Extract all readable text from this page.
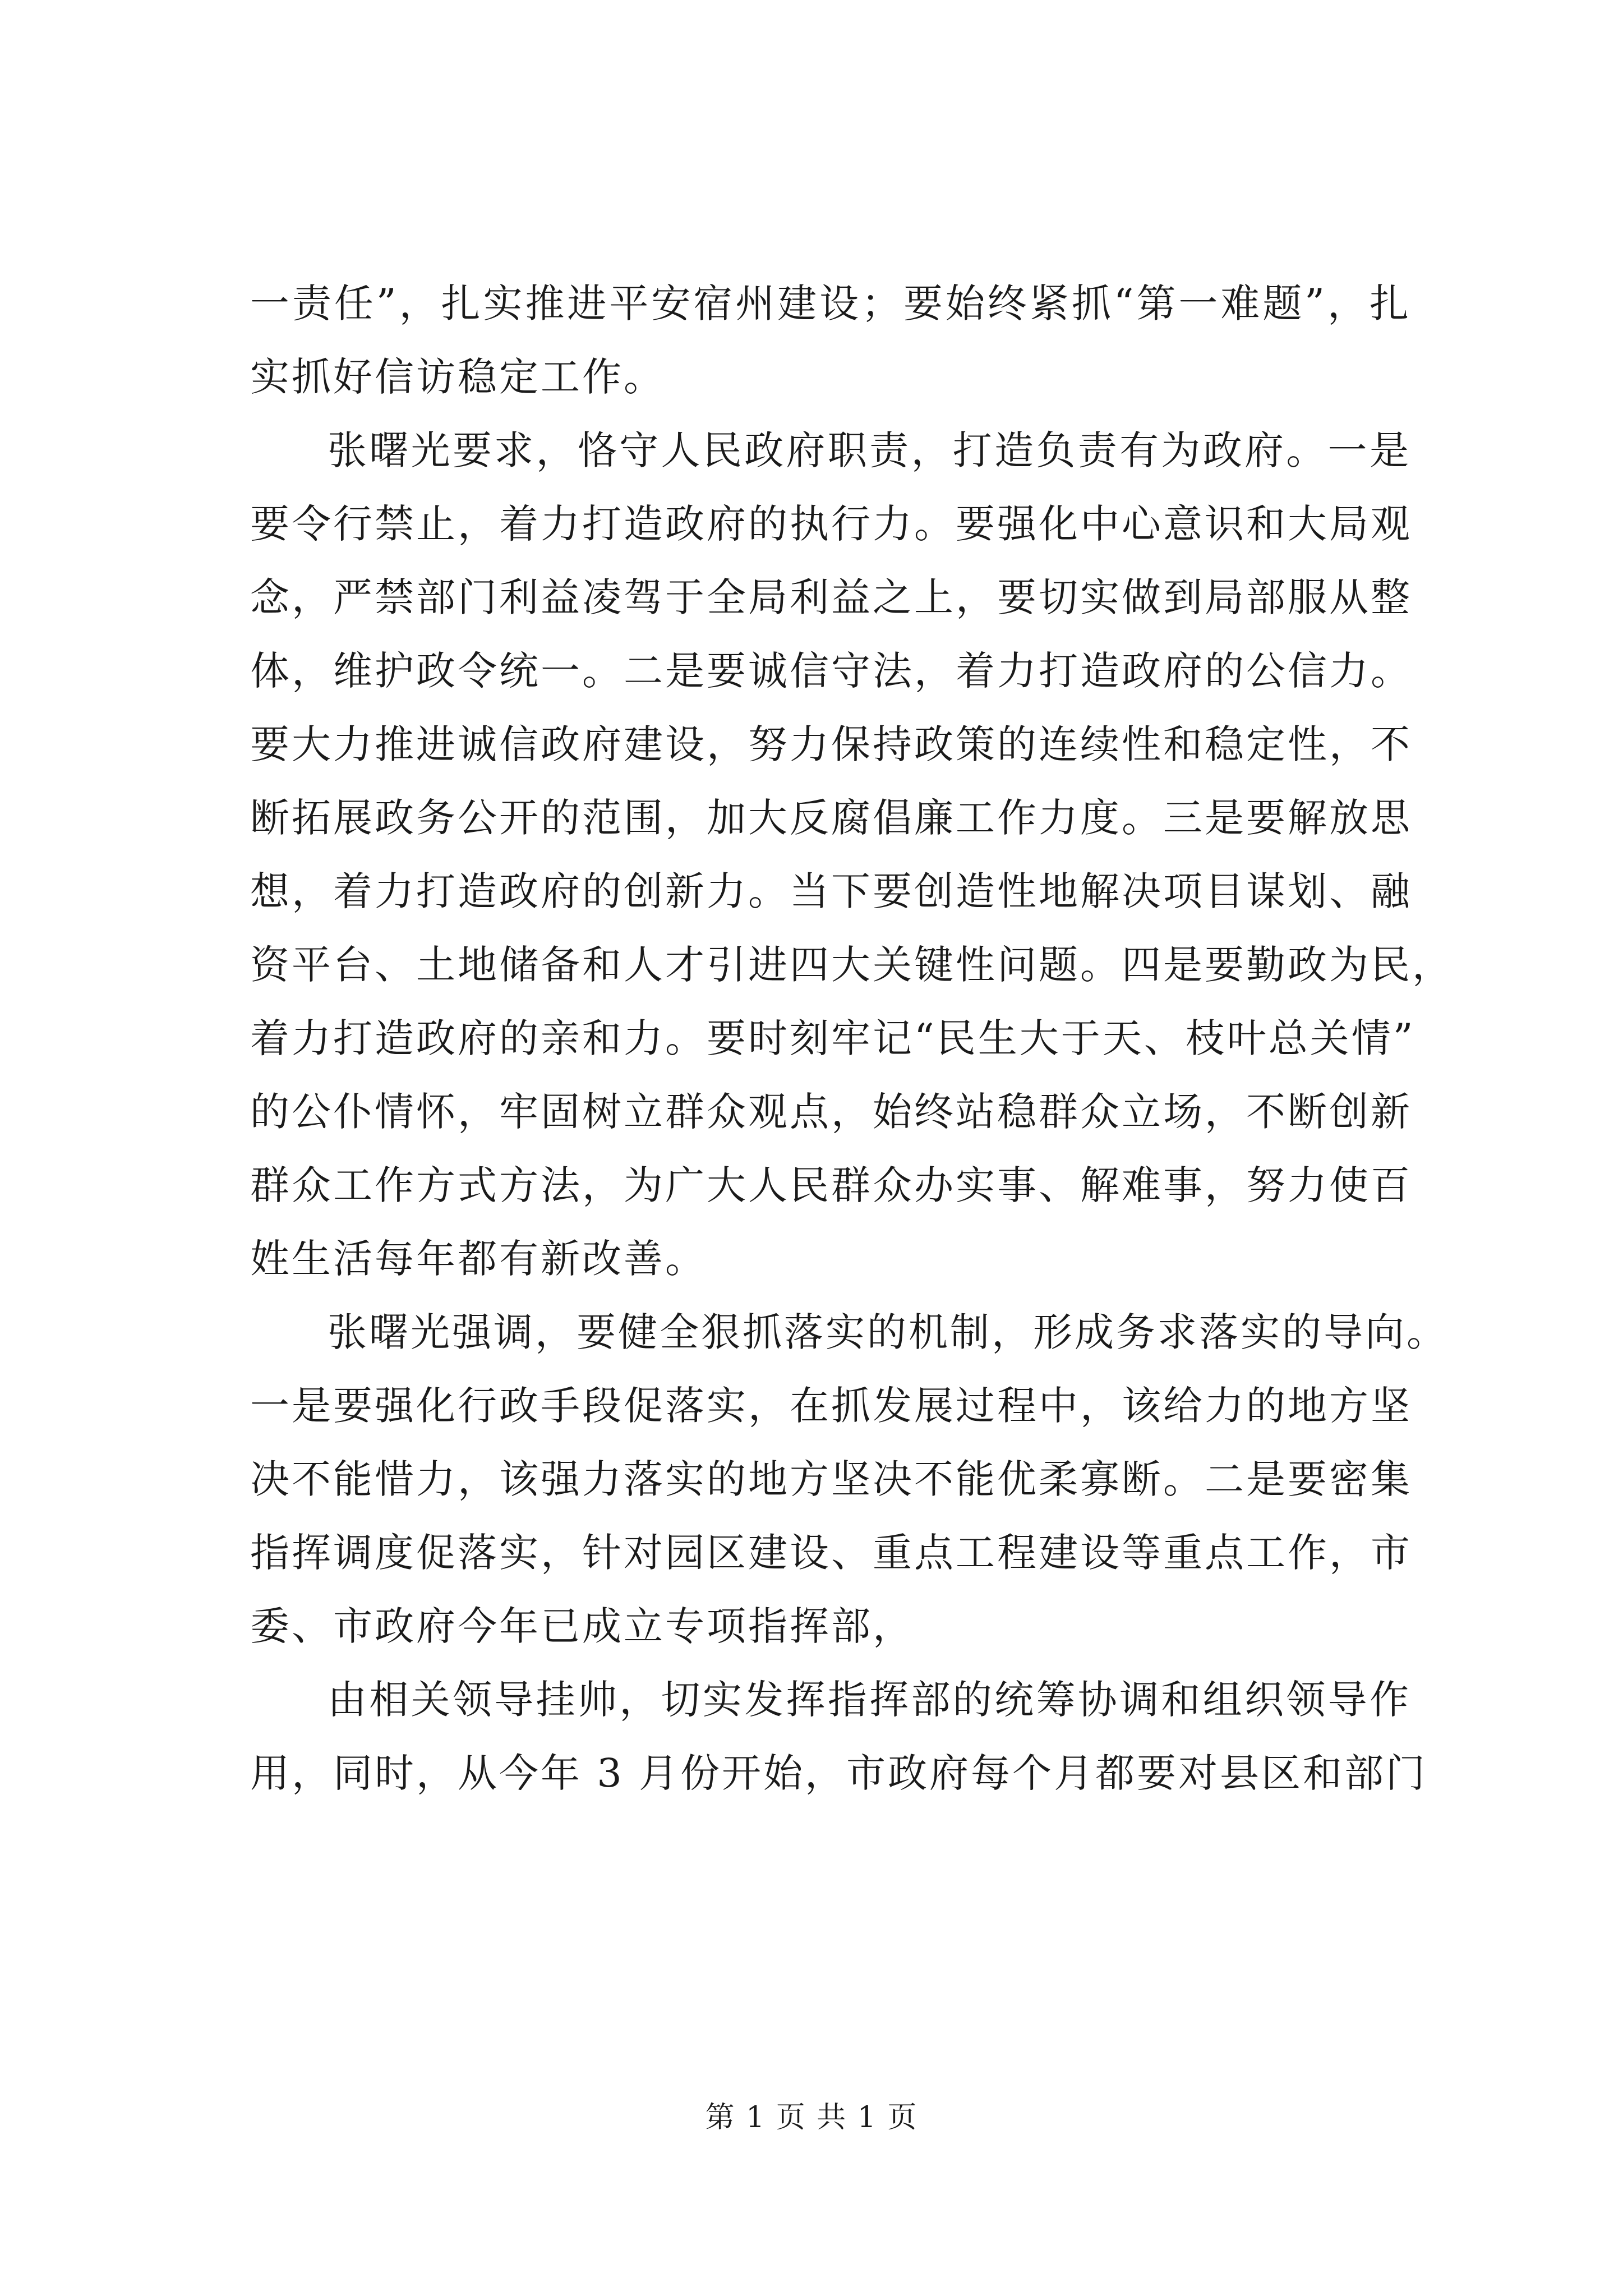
一责任”，扎实推进平安宿州建设；要始终紧抓“第一难题”，扎
实抓好信访稳定工作。
张曙光要求，恪守人民政府职责，打造负责有为政府。一是
要令行禁止，着力打造政府的执行力。要强化中心意识和大局观
念，严禁部门利益凌驾于全局利益之上，要切实做到局部服从整
体，维护政令统一。二是要诚信守法，着力打造政府的公信力。
要大力推进诚信政府建设，努力保持政策的连续性和稳定性，不
断拓展政务公开的范围，加大反腐倡廉工作力度。三是要解放思
想，着力打造政府的创新力。当下要创造性地解决项目谋划、融
资平台、土地储备和人才引进四大关键性问题。四是要勤政为民，
着力打造政府的亲和力。要时刻牢记“民生大于天、枝叶总关情”
的公仆情怀，牢固树立群众观点，始终站稳群众立场，不断创新
群众工作方式方法，为广大人民群众办实事、解难事，努力使百
姓生活每年都有新改善。
张曙光强调，要健全狠抓落实的机制，形成务求落实的导向。
一是要强化行政手段促落实，在抓发展过程中，该给力的地方坚
决不能惜力，该强力落实的地方坚决不能优柔寡断。二是要密集
指挥调度促落实，针对园区建设、重点工程建设等重点工作，市
委、市政府今年已成立专项指挥部，
由相关领导挂帅，切实发挥指挥部的统筹协调和组织领导作
用，同时，从今年 3 月份开始，市政府每个月都要对县区和部门
第 1 页 共 1 页
